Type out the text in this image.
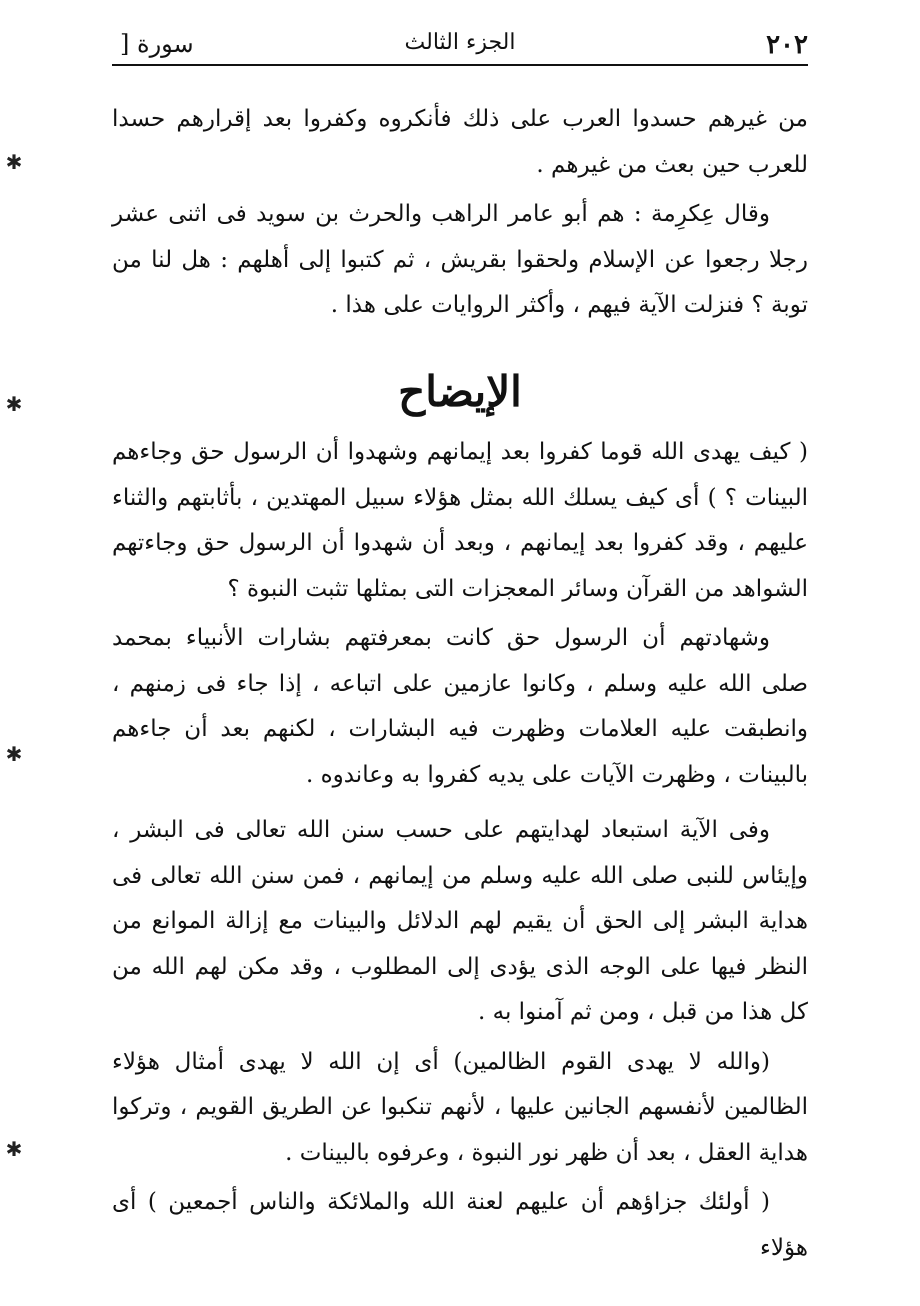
٢٠٢
الجزء الثالث
سورة [

من غيرهم حسدوا العرب على ذلك فأنكروه وكفروا بعد إقرارهم حسدا للعرب حين بعث من غيرهم .

وقال عِكرِمة : هم أبو عامر الراهب والحرث بن سويد فى اثنى عشر رجلا رجعوا عن الإسلام ولحقوا بقريش ، ثم كتبوا إلى أهلهم : هل لنا من توبة ؟ فنزلت الآية فيهم ، وأكثر الروايات على هذا .

الإيضاح

( كيف يهدى الله قوما كفروا بعد إيمانهم وشهدوا أن الرسول حق وجاءهم البينات ؟ ) أى كيف يسلك الله بمثل هؤلاء سبيل المهتدين ، بأثابتهم والثناء عليهم ، وقد كفروا بعد إيمانهم ، وبعد أن شهدوا أن الرسول حق وجاءتهم الشواهد من القرآن وسائر المعجزات التى بمثلها تثبت النبوة ؟

وشهادتهم أن الرسول حق كانت بمعرفتهم بشارات الأنبياء بمحمد صلى الله عليه وسلم ، وكانوا عازمين على اتباعه ، إذا جاء فى زمنهم ، وانطبقت عليه العلامات وظهرت فيه البشارات ، لكنهم بعد أن جاءهم بالبينات ، وظهرت الآيات على يديه كفروا به وعاندوه .

وفى الآية استبعاد لهدايتهم على حسب سنن الله تعالى فى البشر ، وإيئاس للنبى صلى الله عليه وسلم من إيمانهم ، فمن سنن الله تعالى فى هداية البشر إلى الحق أن يقيم لهم الدلائل والبينات مع إزالة الموانع من النظر فيها على الوجه الذى يؤدى إلى المطلوب ، وقد مكن لهم الله من كل هذا من قبل ، ومن ثم آمنوا به .

(والله لا يهدى القوم الظالمين) أى إن الله لا يهدى أمثال هؤلاء الظالمين لأنفسهم الجانين عليها ، لأنهم تنكبوا عن الطريق القويم ، وتركوا هداية العقل ، بعد أن ظهر نور النبوة ، وعرفوه بالبينات .

( أولئك جزاؤهم أن عليهم لعنة الله والملائكة والناس أجمعين ) أى هؤلاء

✱
✱
✱
✱
